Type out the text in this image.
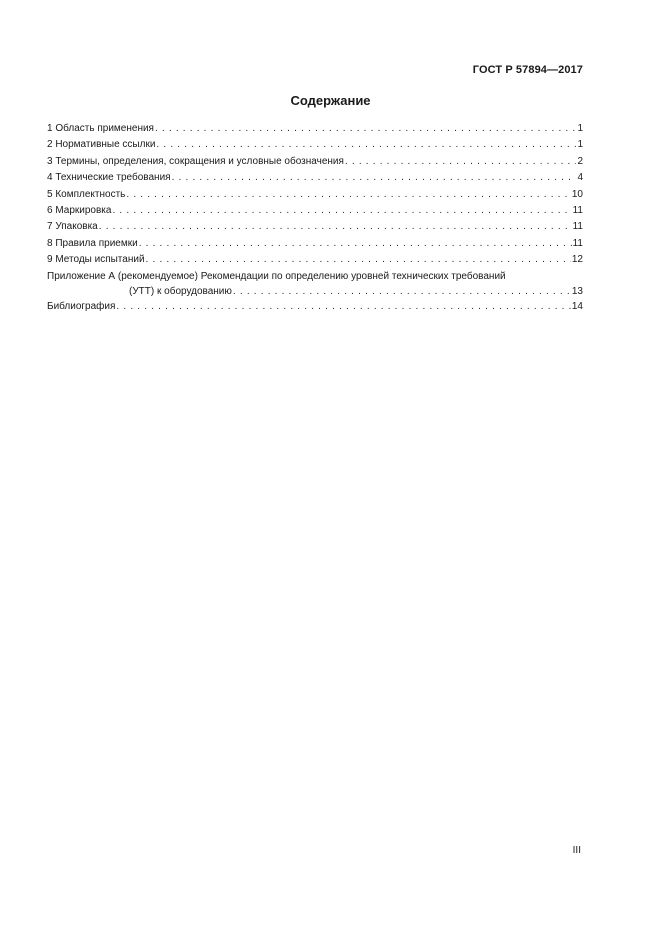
ГОСТ Р 57894—2017
Содержание
1 Область применения . . .	1
2 Нормативные ссылки . . .	1
3 Термины, определения, сокращения и условные обозначения . . .	2
4 Технические требования . . .	4
5 Комплектность . . .	10
6 Маркировка . . .	11
7 Упаковка . . .	11
8 Правила приемки . . .	11
9 Методы испытаний . . .	12
Приложение А (рекомендуемое) Рекомендации по определению уровней технических требований
(УТТ) к оборудованию . . .	13
Библиография . . .	14
III
